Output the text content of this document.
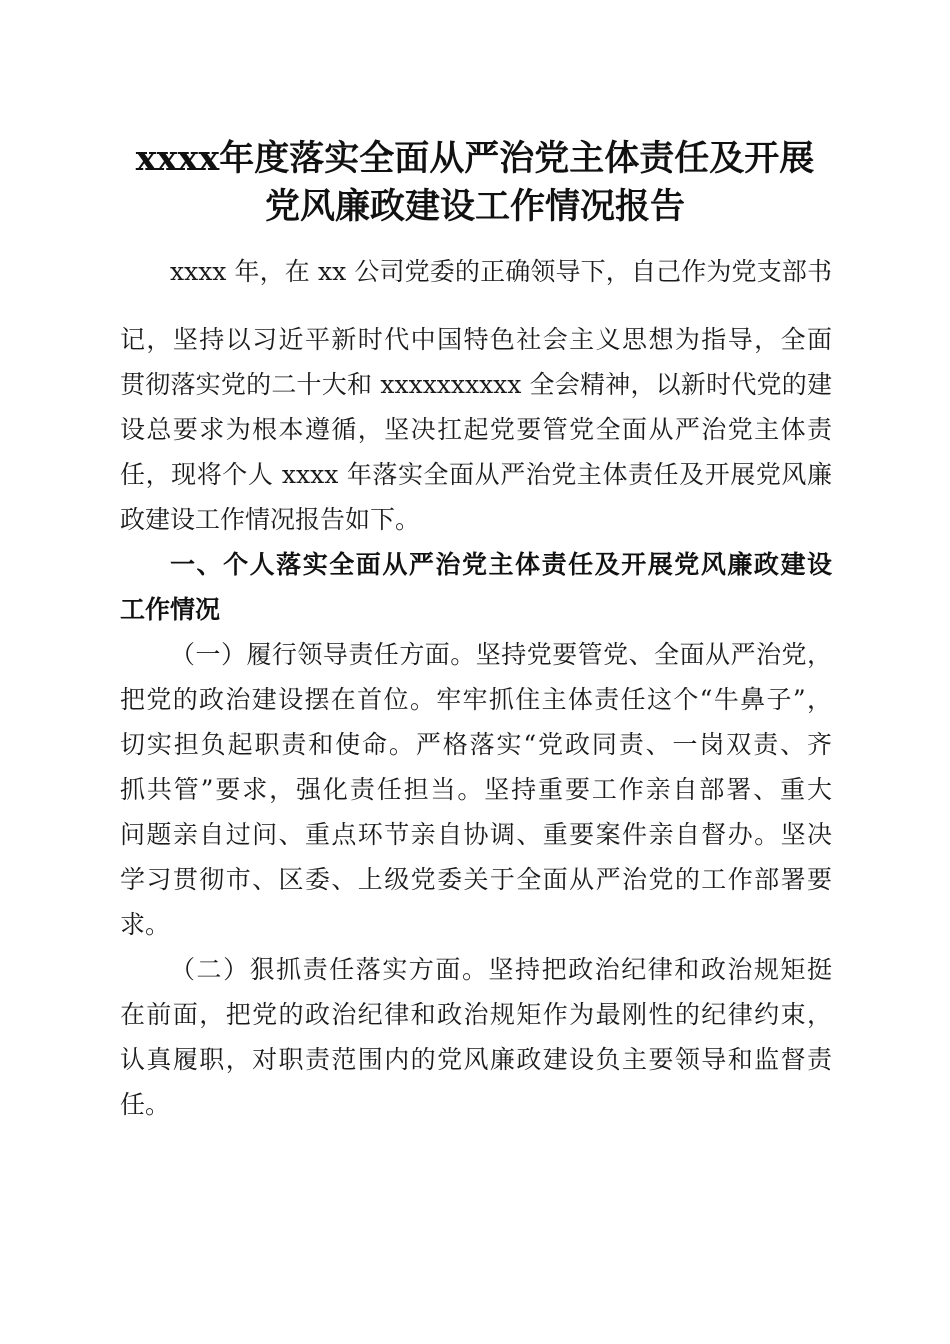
xxxx年度落实全面从严治党主体责任及开展
党风廉政建设工作情况报告
xxxx 年，在 xx 公司党委的正确领导下，自己作为党支部书
记，坚持以习近平新时代中国特色社会主义思想为指导，全面
贯彻落实党的二十大和 xxxxxxxxxx 全会精神，以新时代党的建
设总要求为根本遵循，坚决扛起党要管党全面从严治党主体责
任，现将个人 xxxx 年落实全面从严治党主体责任及开展党风廉
政建设工作情况报告如下。
一、个人落实全面从严治党主体责任及开展党风廉政建设
工作情况
（一）履行领导责任方面。坚持党要管党、全面从严治党，
把党的政治建设摆在首位。牢牢抓住主体责任这个“牛鼻子”，
切实担负起职责和使命。严格落实“党政同责、一岗双责、齐
抓共管”要求，强化责任担当。坚持重要工作亲自部署、重大
问题亲自过问、重点环节亲自协调、重要案件亲自督办。坚决
学习贯彻市、区委、上级党委关于全面从严治党的工作部署要
求。
（二）狠抓责任落实方面。坚持把政治纪律和政治规矩挺
在前面，把党的政治纪律和政治规矩作为最刚性的纪律约束，
认真履职，对职责范围内的党风廉政建设负主要领导和监督责
任。
